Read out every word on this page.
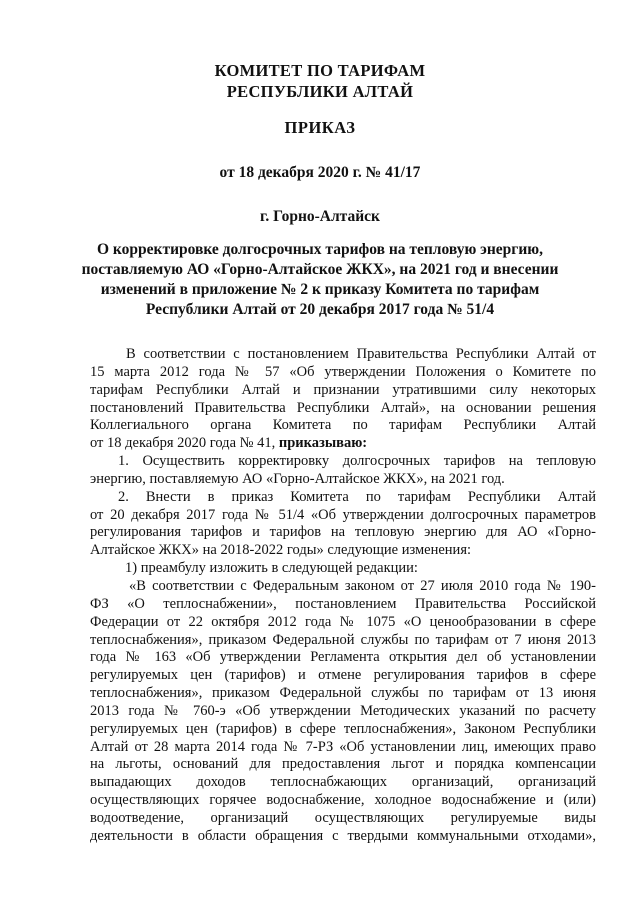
КОМИТЕТ ПО ТАРИФАМ
РЕСПУБЛИКИ АЛТАЙ
ПРИКАЗ
от 18 декабря 2020 г. № 41/17
г. Горно-Алтайск
О корректировке долгосрочных тарифов на тепловую энергию,
поставляемую АО «Горно-Алтайское ЖКХ», на 2021 год и внесении
изменений в приложение № 2 к приказу Комитета по тарифам
Республики Алтай от 20 декабря 2017 года № 51/4
В соответствии с постановлением Правительства Республики Алтай от
15 марта 2012 года № 57 «Об утверждении Положения о Комитете по
тарифам Республики Алтай и признании утратившими силу некоторых
постановлений Правительства Республики Алтай», на основании решения
Коллегиального органа Комитета по тарифам Республики Алтай
от 18 декабря 2020 года № 41, приказываю:
1. Осуществить корректировку долгосрочных тарифов на тепловую
энергию, поставляемую АО «Горно-Алтайское ЖКХ», на 2021 год.
2. Внести в приказ Комитета по тарифам Республики Алтай
от 20 декабря 2017 года № 51/4 «Об утверждении долгосрочных параметров
регулирования тарифов и тарифов на тепловую энергию для АО «Горно-
Алтайское ЖКХ» на 2018-2022 годы» следующие изменения:
1) преамбулу изложить в следующей редакции:
«В соответствии с Федеральным законом от 27 июля 2010 года № 190-
ФЗ «О теплоснабжении», постановлением Правительства Российской
Федерации от 22 октября 2012 года № 1075 «О ценообразовании в сфере
теплоснабжения», приказом Федеральной службы по тарифам от 7 июня 2013
года № 163 «Об утверждении Регламента открытия дел об установлении
регулируемых цен (тарифов) и отмене регулирования тарифов в сфере
теплоснабжения», приказом Федеральной службы по тарифам от 13 июня
2013 года № 760-э «Об утверждении Методических указаний по расчету
регулируемых цен (тарифов) в сфере теплоснабжения», Законом Республики
Алтай от 28 марта 2014 года № 7-РЗ «Об установлении лиц, имеющих право
на льготы, оснований для предоставления льгот и порядка компенсации
выпадающих доходов теплоснабжающих организаций, организаций
осуществляющих горячее водоснабжение, холодное водоснабжение и (или)
водоотведение, организаций осуществляющих регулируемые виды
деятельности в области обращения с твердыми коммунальными отходами»,
